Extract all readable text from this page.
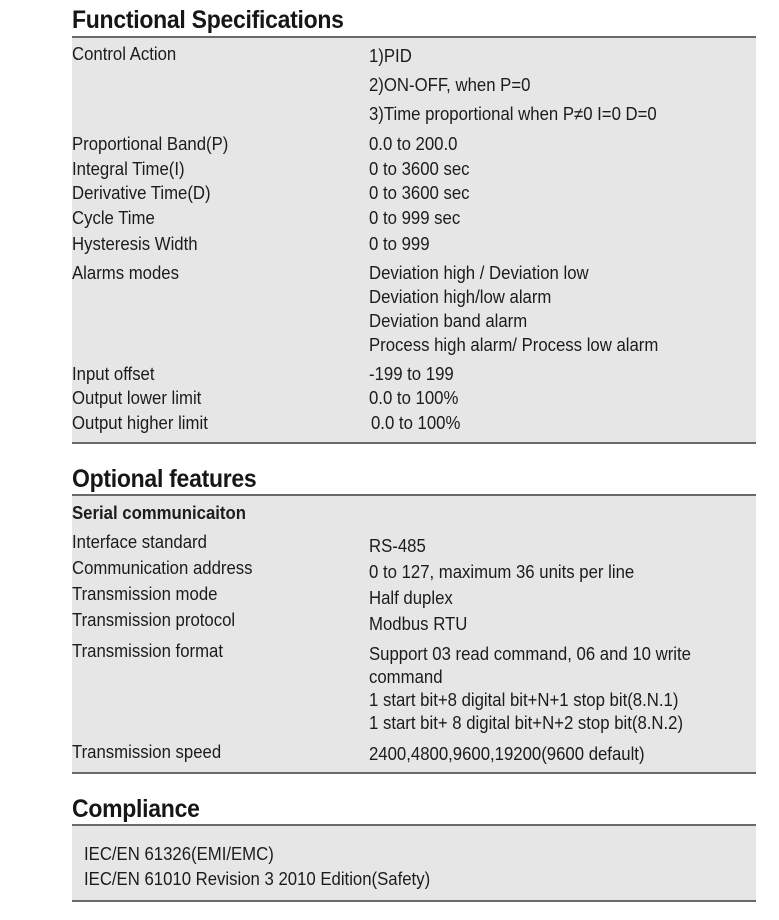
Functional Specifications
Control Action	1)PID
2)ON-OFF, when P=0
3)Time proportional when P≠0 I=0 D=0
Proportional Band(P)	0.0 to 200.0
Integral Time(I)	0 to 3600 sec
Derivative Time(D)	0 to 3600 sec
Cycle Time	0 to 999 sec
Hysteresis Width	0 to 999
Alarms modes	Deviation high / Deviation low
Deviation high/low alarm
Deviation band alarm
Process high alarm/ Process low alarm
Input offset	-199 to 199
Output lower limit	0.0 to 100%
Output higher limit	0.0 to 100%
Optional features
Serial communicaiton
Interface standard	RS-485
Communication address	0 to 127, maximum 36 units per line
Transmission mode	Half duplex
Transmission protocol	Modbus RTU
Transmission format	Support 03 read command, 06 and 10 write
command
1 start bit+8 digital bit+N+1 stop bit(8.N.1)
1 start bit+ 8 digital bit+N+2 stop bit(8.N.2)
Transmission speed	2400,4800,9600,19200(9600 default)
Compliance
IEC/EN 61326(EMI/EMC)
IEC/EN 61010 Revision 3 2010 Edition(Safety)
